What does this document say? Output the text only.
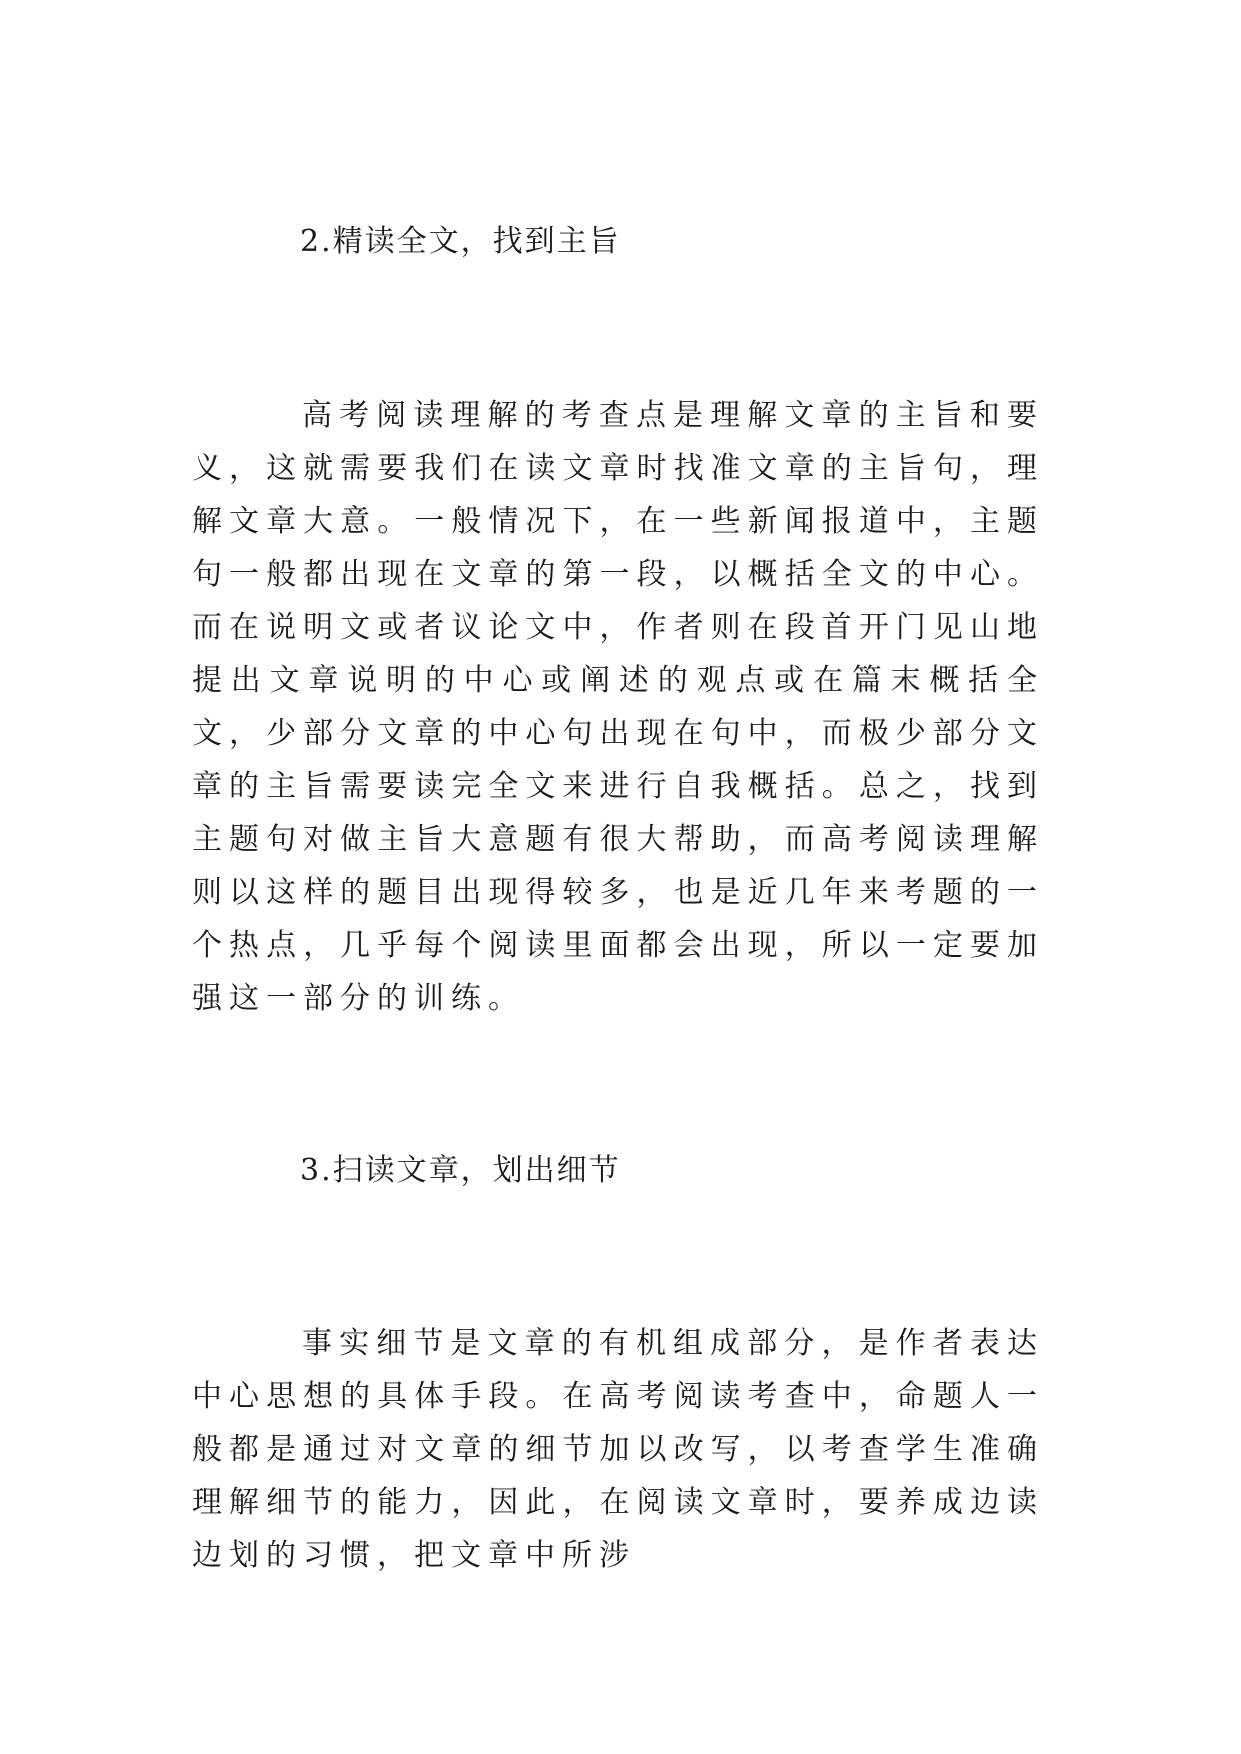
2.精读全文，找到主旨

高考阅读理解的考查点是理解文章的主旨和要义，这就需要我们在读文章时找准文章的主旨句，理解文章大意。一般情况下，在一些新闻报道中，主题句一般都出现在文章的第一段，以概括全文的中心。而在说明文或者议论文中，作者则在段首开门见山地提出文章说明的中心或阐述的观点或在篇末概括全文，少部分文章的中心句出现在句中，而极少部分文章的主旨需要读完全文来进行自我概括。总之，找到主题句对做主旨大意题有很大帮助，而高考阅读理解则以这样的题目出现得较多，也是近几年来考题的一个热点，几乎每个阅读里面都会出现，所以一定要加强这一部分的训练。

3.扫读文章，划出细节

事实细节是文章的有机组成部分，是作者表达中心思想的具体手段。在高考阅读考查中，命题人一般都是通过对文章的细节加以改写，以考查学生准确理解细节的能力，因此，在阅读文章时，要养成边读边划的习惯，把文章中所涉
